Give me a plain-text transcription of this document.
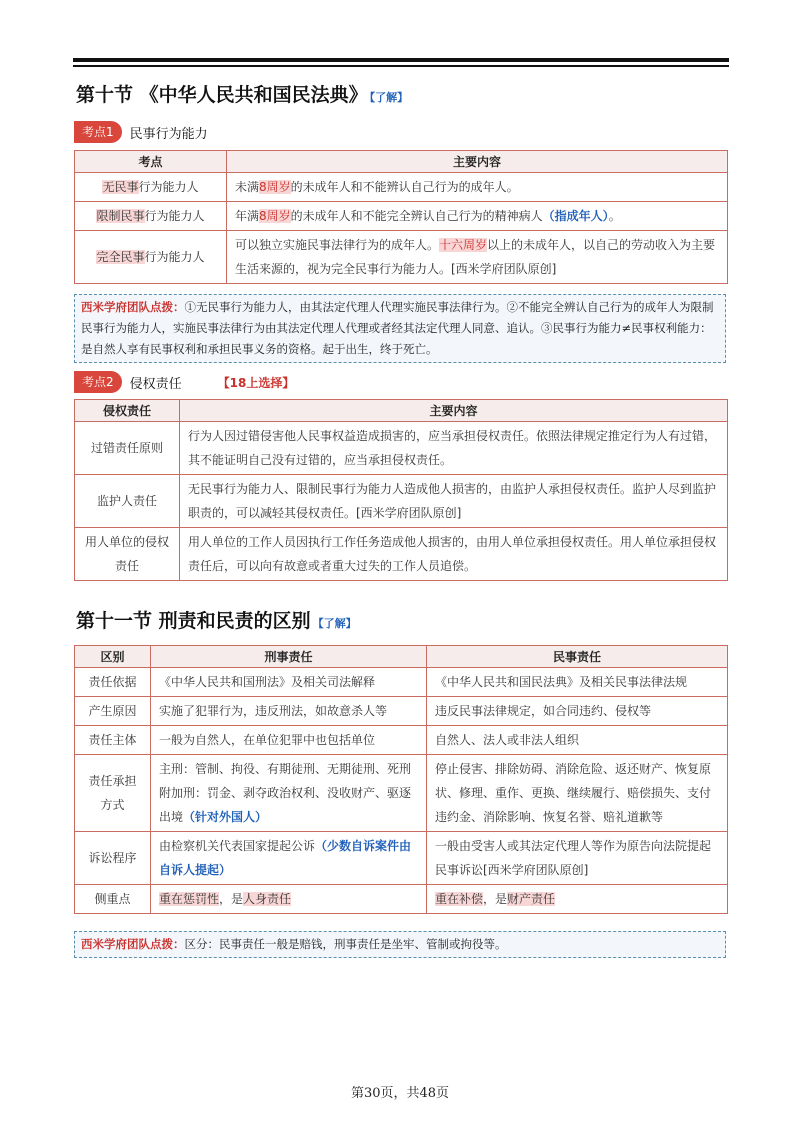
第十节 《中华人民共和国民法典》 【了解】
考点1	民事行为能力
考点	主要内容
无民事行为能力人	未满8周岁的未成年人和不能辨认自己行为的成年人。
限制民事行为能力人	年满8周岁的未成年人和不能完全辨认自己行为的精神病人（指成年人）。
完全民事行为能力人	可以独立实施民事法律行为的成年人。十六周岁以上的未成年人，以自己的劳动收入为主要生活来源的，视为完全民事行为能力人。[西米学府团队原创]
西米学府团队点拨：①无民事行为能力人，由其法定代理人代理实施民事法律行为。②不能完全辨认自己行为的成年人为限制民事行为能力人，实施民事法律行为由其法定代理人代理或者经其法定代理人同意、追认。③民事行为能力≠民事权利能力：是自然人享有民事权利和承担民事义务的资格。起于出生，终于死亡。
考点2	侵权责任	【18上选择】
侵权责任	主要内容
过错责任原则	行为人因过错侵害他人民事权益造成损害的，应当承担侵权责任。依照法律规定推定行为人有过错，其不能证明自己没有过错的，应当承担侵权责任。
监护人责任	无民事行为能力人、限制民事行为能力人造成他人损害的，由监护人承担侵权责任。监护人尽到监护职责的，可以减轻其侵权责任。[西米学府团队原创]
用人单位的侵权责任	用人单位的工作人员因执行工作任务造成他人损害的，由用人单位承担侵权责任。用人单位承担侵权责任后，可以向有故意或者重大过失的工作人员追偿。
第十一节 刑责和民责的区别 【了解】
区别	刑事责任	民事责任
责任依据	《中华人民共和国刑法》及相关司法解释	《中华人民共和国民法典》及相关民事法律法规
产生原因	实施了犯罪行为，违反刑法，如故意杀人等	违反民事法律规定，如合同违约、侵权等
责任主体	一般为自然人，在单位犯罪中也包括单位	自然人、法人或非法人组织
责任承担方式	主刑：管制、拘役、有期徒刑、无期徒刑、死刑附加刑：罚金、剥夺政治权利、没收财产、驱逐出境（针对外国人）	停止侵害、排除妨碍、消除危险、返还财产、恢复原状、修理、重作、更换、继续履行、赔偿损失、支付违约金、消除影响、恢复名誉、赔礼道歉等
诉讼程序	由检察机关代表国家提起公诉（少数自诉案件由自诉人提起）	一般由受害人或其法定代理人等作为原告向法院提起民事诉讼[西米学府团队原创]
侧重点	重在惩罚性，是人身责任	重在补偿，是财产责任
西米学府团队点拨：区分：民事责任一般是赔钱，刑事责任是坐牢、管制或拘役等。
第30页，共48页
